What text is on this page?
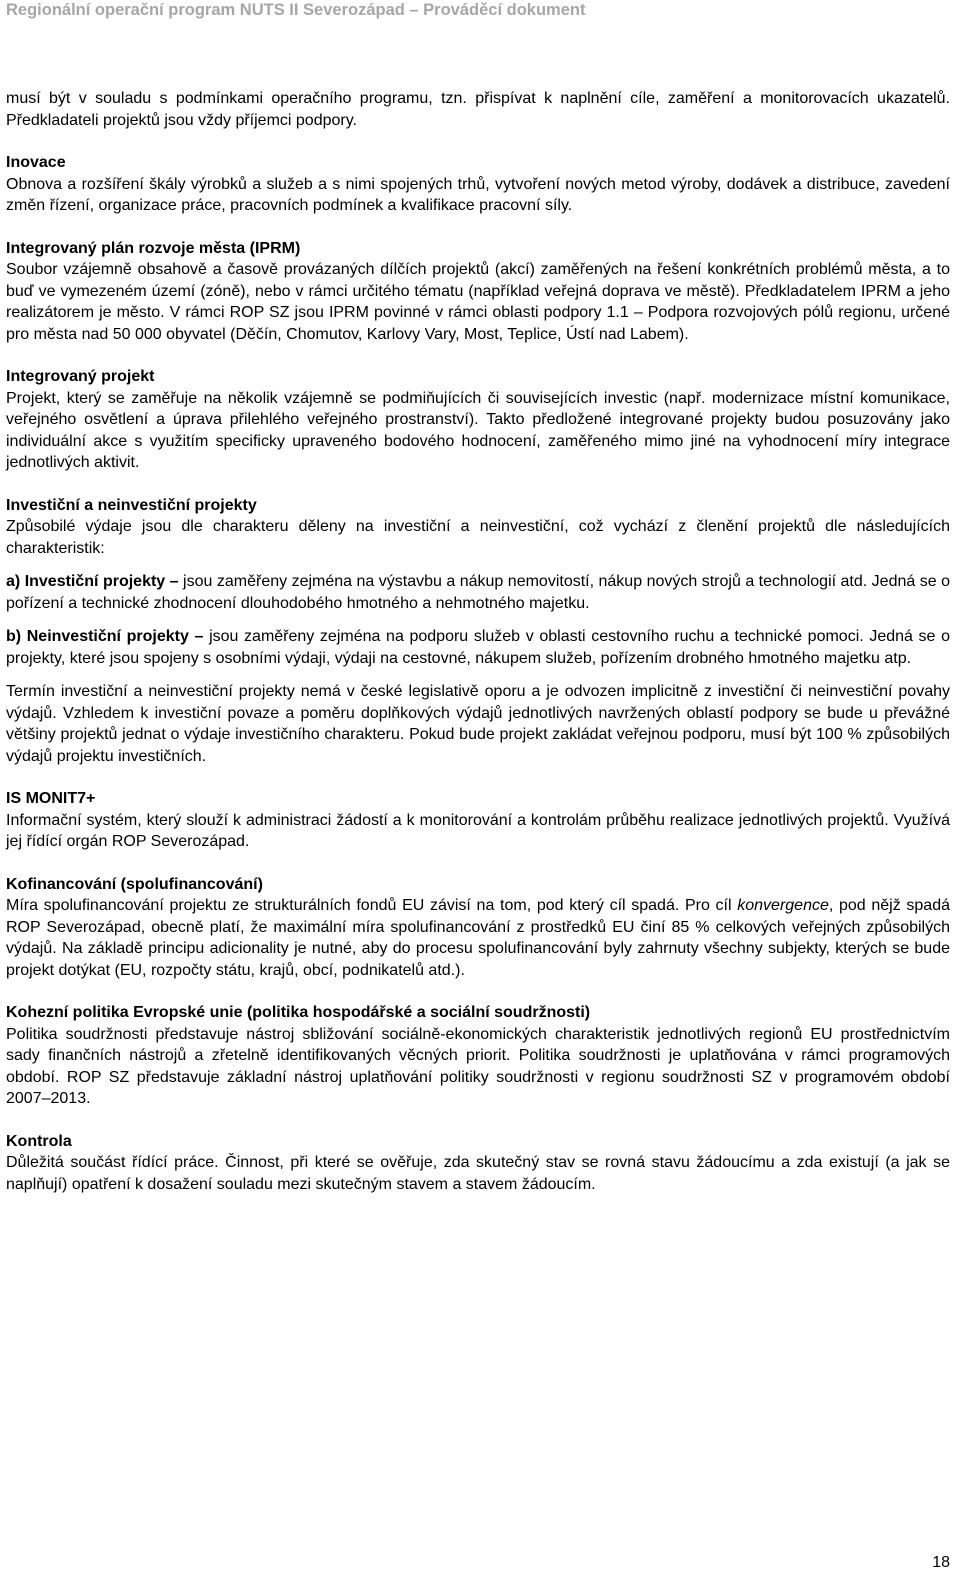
Regionální operační program NUTS II Severozápad – Prováděcí dokument

musí být v souladu s podmínkami operačního programu, tzn. přispívat k naplnění cíle, zaměření a monitorovacích ukazatelů. Předkladateli projektů jsou vždy příjemci podpory.

Inovace

Obnova a rozšíření škály výrobků a služeb a s nimi spojených trhů, vytvoření nových metod výroby, dodávek a distribuce, zavedení změn řízení, organizace práce, pracovních podmínek a kvalifikace pracovní síly.

Integrovaný plán rozvoje města (IPRM)

Soubor vzájemně obsahově a časově provázaných dílčích projektů (akcí) zaměřených na řešení konkrétních problémů města, a to buď ve vymezeném území (zóně), nebo v rámci určitého tématu (například veřejná doprava ve městě). Předkladatelem IPRM a jeho realizátorem je město. V rámci ROP SZ jsou IPRM povinné v rámci oblasti podpory 1.1 – Podpora rozvojových pólů regionu, určené pro města nad 50 000 obyvatel (Děčín, Chomutov, Karlovy Vary, Most, Teplice, Ústí nad Labem).

Integrovaný projekt

Projekt, který se zaměřuje na několik vzájemně se podmiňujících či souvisejících investic (např. modernizace místní komunikace, veřejného osvětlení a úprava přilehlého veřejného prostranství). Takto předložené integrované projekty budou posuzovány jako individuální akce s využitím specificky upraveného bodového hodnocení, zaměřeného mimo jiné na vyhodnocení míry integrace jednotlivých aktivit.

Investiční a neinvestiční projekty

Způsobilé výdaje jsou dle charakteru děleny na investiční a neinvestiční, což vychází z členění projektů dle následujících charakteristik:

a) Investiční projekty – jsou zaměřeny zejména na výstavbu a nákup nemovitostí, nákup nových strojů a technologií atd. Jedná se o pořízení a technické zhodnocení dlouhodobého hmotného a nehmotného majetku.

b) Neinvestiční projekty – jsou zaměřeny zejména na podporu služeb v oblasti cestovního ruchu a technické pomoci. Jedná se o projekty, které jsou spojeny s osobními výdaji, výdaji na cestovné, nákupem služeb, pořízením drobného hmotného majetku atp.

Termín investiční a neinvestiční projekty nemá v české legislativě oporu a je odvozen implicitně z investiční či neinvestiční povahy výdajů. Vzhledem k investiční povaze a poměru doplňkových výdajů jednotlivých navržených oblastí podpory se bude u převážné většiny projektů jednat o výdaje investičního charakteru. Pokud bude projekt zakládat veřejnou podporu, musí být 100 % způsobilých výdajů projektu investičních.

IS MONIT7+

Informační systém, který slouží k administraci žádostí a k monitorování a kontrolám průběhu realizace jednotlivých projektů. Využívá jej řídící orgán ROP Severozápad.

Kofinancování (spolufinancování)

Míra spolufinancování projektu ze strukturálních fondů EU závisí na tom, pod který cíl spadá. Pro cíl konvergence, pod nějž spadá ROP Severozápad, obecně platí, že maximální míra spolufinancování z prostředků EU činí 85 % celkových veřejných způsobilých výdajů. Na základě principu adicionality je nutné, aby do procesu spolufinancování byly zahrnuty všechny subjekty, kterých se bude projekt dotýkat (EU, rozpočty státu, krajů, obcí, podnikatelů atd.).

Kohezní politika Evropské unie (politika hospodářské a sociální soudržnosti)

Politika soudržnosti představuje nástroj sbližování sociálně-ekonomických charakteristik jednotlivých regionů EU prostřednictvím sady finančních nástrojů a zřetelně identifikovaných věcných priorit. Politika soudržnosti je uplatňována v rámci programových období. ROP SZ představuje základní nástroj uplatňování politiky soudržnosti v regionu soudržnosti SZ v programovém období 2007–2013.

Kontrola

Důležitá součást řídící práce. Činnost, při které se ověřuje, zda skutečný stav se rovná stavu žádoucímu a zda existují (a jak se naplňují) opatření k dosažení souladu mezi skutečným stavem a stavem žádoucím.

18
